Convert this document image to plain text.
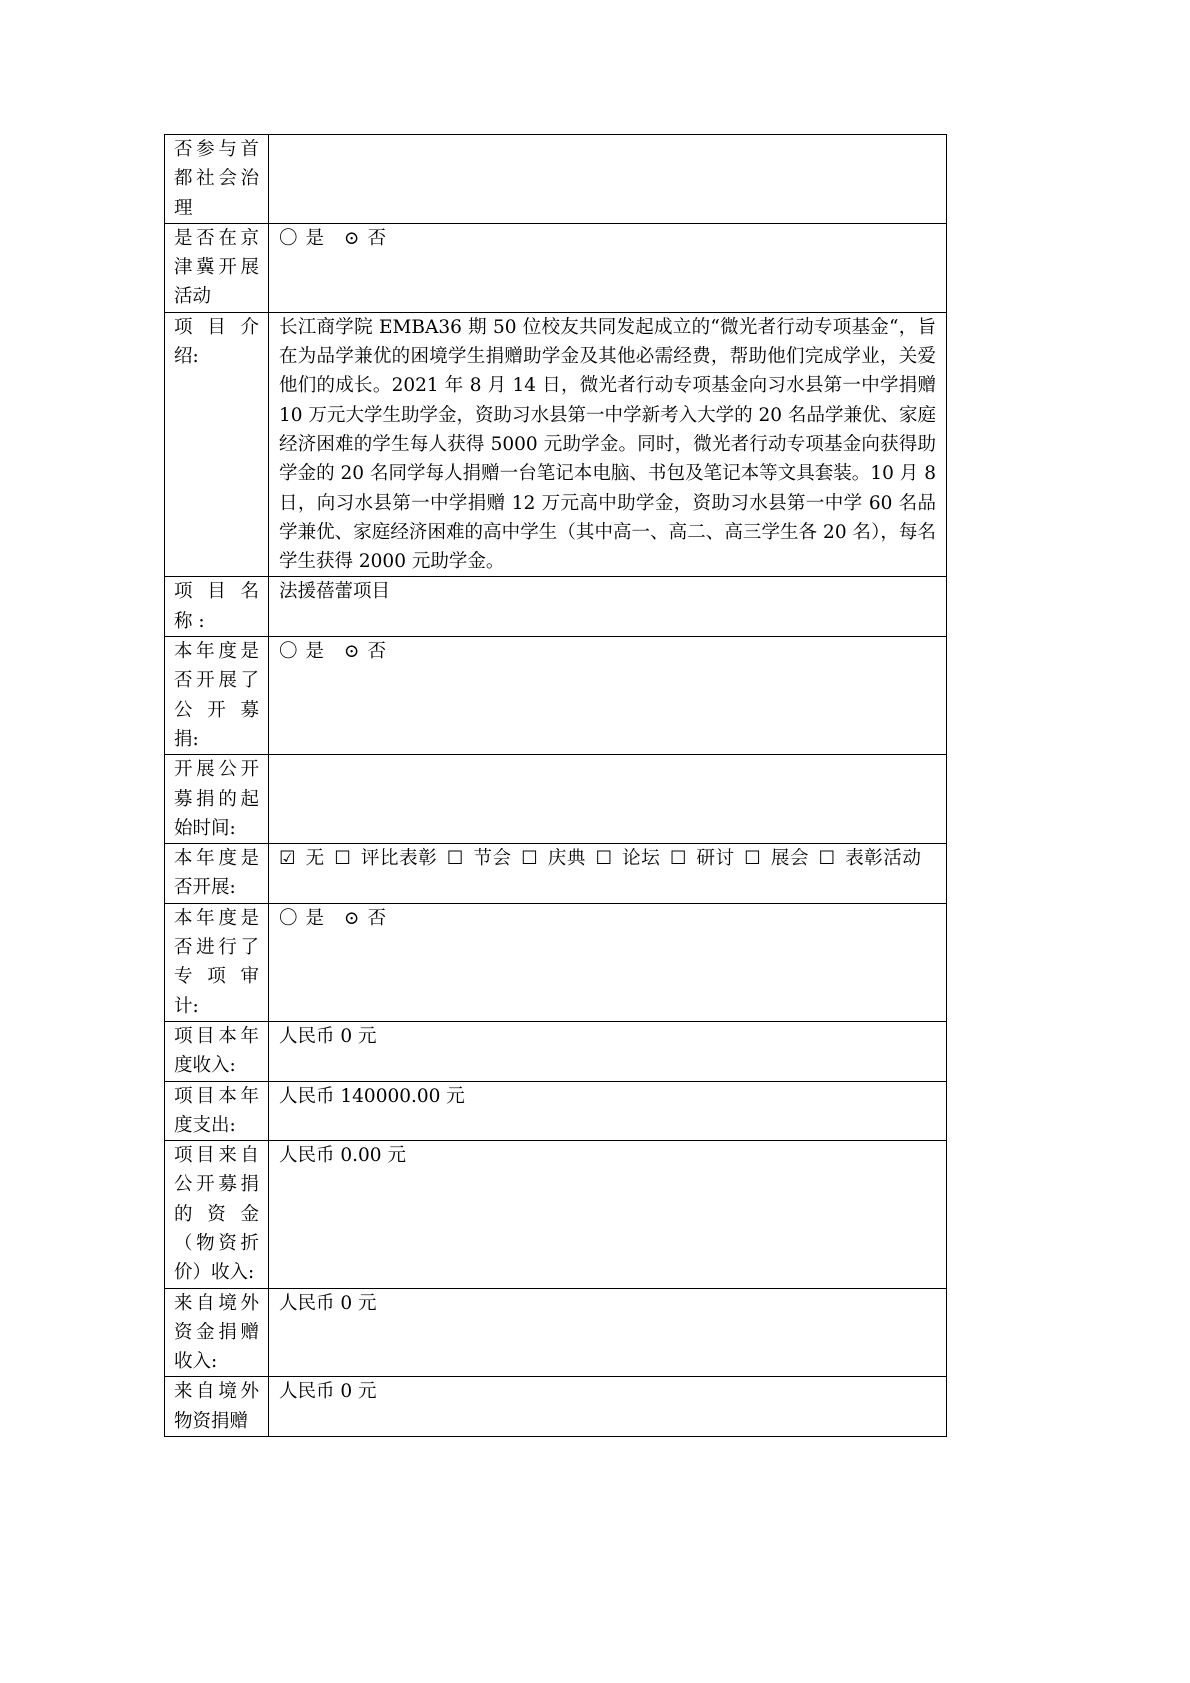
否参与首
都社会治
理	

是否在京
津冀开展
活动	〇 是 ⊙ 否

项 目 介
绍:	长江商学院 EMBA36 期 50 位校友共同发起成立的“微光者行动专项基金“，旨在为品学兼优的困境学生捐赠助学金及其他必需经费，帮助他们完成学业，关爱他们的成长。2021 年 8 月 14 日，微光者行动专项基金向习水县第一中学捐赠 10 万元大学生助学金，资助习水县第一中学新考入大学的 20 名品学兼优、家庭经济困难的学生每人获得 5000 元助学金。同时，微光者行动专项基金向获得助学金的 20 名同学每人捐赠一台笔记本电脑、书包及笔记本等文具套装。10 月 8 日，向习水县第一中学捐赠 12 万元高中助学金，资助习水县第一中学 60 名品学兼优、家庭经济困难的高中学生（其中高一、高二、高三学生各 20 名），每名学生获得 2000 元助学金。

项 目 名
称 :	法援蓓蕾项目

本年度是
否开展了
公 开 募
捐:	〇 是 ⊙ 否

开展公开
募捐的起
始时间:	

本年度是
否开展:	☑ 无 ☐ 评比表彰 ☐ 节会 ☐ 庆典 ☐ 论坛 ☐ 研讨 ☐ 展会 ☐ 表彰活动

本年度是
否进行了
专 项 审
计:	〇 是 ⊙ 否

项目本年
度收入:	人民币 0 元

项目本年
度支出:	人民币 140000.00 元

项目来自
公开募捐
的 资 金
（物资折
价）收入:	人民币 0.00 元

来自境外
资金捐赠
收入:	人民币 0 元

来自境外
物资捐赠	人民币 0 元
